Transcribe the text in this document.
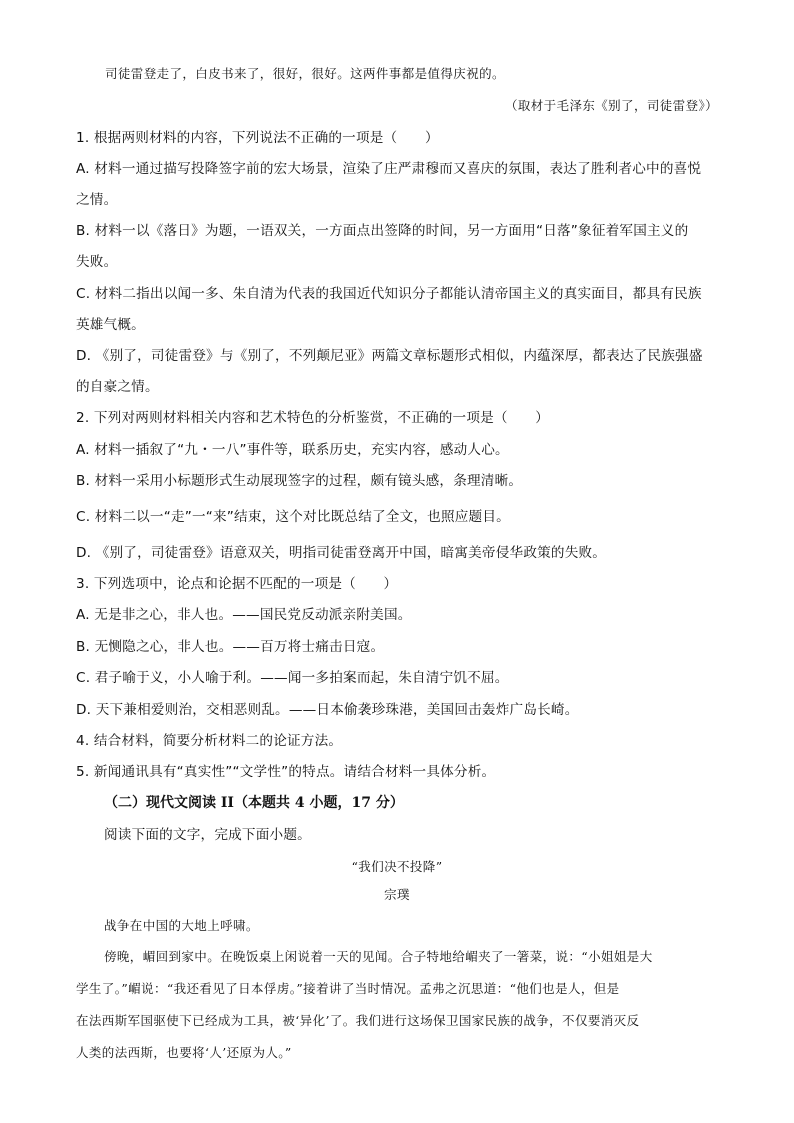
司徒雷登走了，白皮书来了，很好，很好。这两件事都是值得庆祝的。
（取材于毛泽东《别了，司徒雷登》）
1. 根据两则材料的内容，下列说法不正确的一项是（　　）
A. 材料一通过描写投降签字前的宏大场景，渲染了庄严肃穆而又喜庆的氛围，表达了胜利者心中的喜悦
之情。
B. 材料一以《落日》为题，一语双关，一方面点出签降的时间，另一方面用“日落”象征着军国主义的
失败。
C. 材料二指出以闻一多、朱自清为代表的我国近代知识分子都能认清帝国主义的真实面目，都具有民族
英雄气概。
D. 《别了，司徒雷登》与《别了，不列颠尼亚》两篇文章标题形式相似，内蕴深厚，都表达了民族强盛
的自豪之情。
2. 下列对两则材料相关内容和艺术特色的分析鉴赏，不正确的一项是（　　）
A. 材料一插叙了“九・一八”事件等，联系历史，充实内容，感动人心。
B. 材料一采用小标题形式生动展现签字的过程，颇有镜头感，条理清晰。
C. 材料二以一“走”一“来”结束，这个对比既总结了全文，也照应题目。
D. 《别了，司徒雷登》语意双关，明指司徒雷登离开中国，暗寓美帝侵华政策的失败。
3. 下列选项中，论点和论据不匹配的一项是（　　）
A. 无是非之心，非人也。——国民党反动派亲附美国。
B. 无恻隐之心，非人也。——百万将士痛击日寇。
C. 君子喻于义，小人喻于利。——闻一多拍案而起，朱自清宁饥不屈。
D. 天下兼相爱则治，交相恶则乱。——日本偷袭珍珠港，美国回击轰炸广岛长崎。
4. 结合材料，简要分析材料二的论证方法。
5. 新闻通讯具有“真实性”“文学性”的特点。请结合材料一具体分析。
（二）现代文阅读 II（本题共 4 小题，17 分）
阅读下面的文字，完成下面小题。
“我们决不投降”
宗璞
战争在中国的大地上呼啸。
傍晚，嵋回到家中。在晚饭桌上闲说着一天的见闻。合子特地给嵋夹了一箸菜，说：“小姐姐是大
学生了。”嵋说：“我还看见了日本俘虏。”接着讲了当时情况。孟弗之沉思道：“他们也是人，但是
在法西斯军国驱使下已经成为工具，被‘异化’了。我们进行这场保卫国家民族的战争，不仅要消灭反
人类的法西斯，也要将‘人’还原为人。”
